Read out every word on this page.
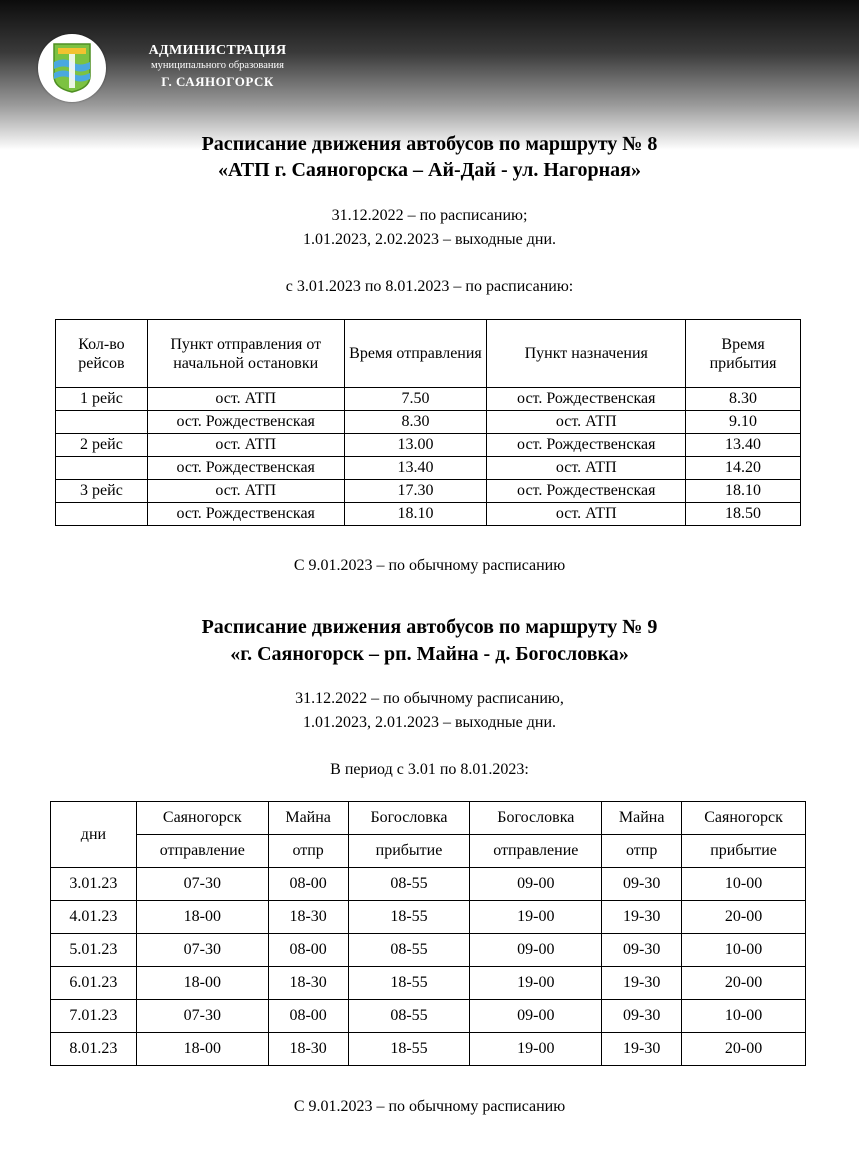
АДМИНИСТРАЦИЯ
муниципального образования
Г. САЯНОГОРСК
Расписание движения автобусов по маршруту № 8
«АТП г. Саяногорска – Ай-Дай - ул. Нагорная»
31.12.2022 – по расписанию;
1.01.2023, 2.02.2023 – выходные дни.
с 3.01.2023 по 8.01.2023 – по расписанию:
Кол-во рейсов	Пункт отправления от начальной остановки	Время отправления	Пункт назначения	Время прибытия
1 рейс	ост. АТП	7.50	ост. Рождественская	8.30
	ост. Рождественская	8.30	ост. АТП	9.10
2 рейс	ост. АТП	13.00	ост. Рождественская	13.40
	ост. Рождественская	13.40	ост. АТП	14.20
3 рейс	ост. АТП	17.30	ост. Рождественская	18.10
	ост. Рождественская	18.10	ост. АТП	18.50
С 9.01.2023 – по обычному расписанию
Расписание движения автобусов по маршруту № 9
«г. Саяногорск – рп. Майна - д. Богословка»
31.12.2022 – по обычному расписанию,
1.01.2023, 2.01.2023 – выходные дни.
В период с 3.01 по 8.01.2023:
дни	Саяногорск	Майна	Богословка	Богословка	Майна	Саяногорск
	отправление	отпр	прибытие	отправление	отпр	прибытие
3.01.23	07-30	08-00	08-55	09-00	09-30	10-00
4.01.23	18-00	18-30	18-55	19-00	19-30	20-00
5.01.23	07-30	08-00	08-55	09-00	09-30	10-00
6.01.23	18-00	18-30	18-55	19-00	19-30	20-00
7.01.23	07-30	08-00	08-55	09-00	09-30	10-00
8.01.23	18-00	18-30	18-55	19-00	19-30	20-00
С 9.01.2023 – по обычному расписанию
